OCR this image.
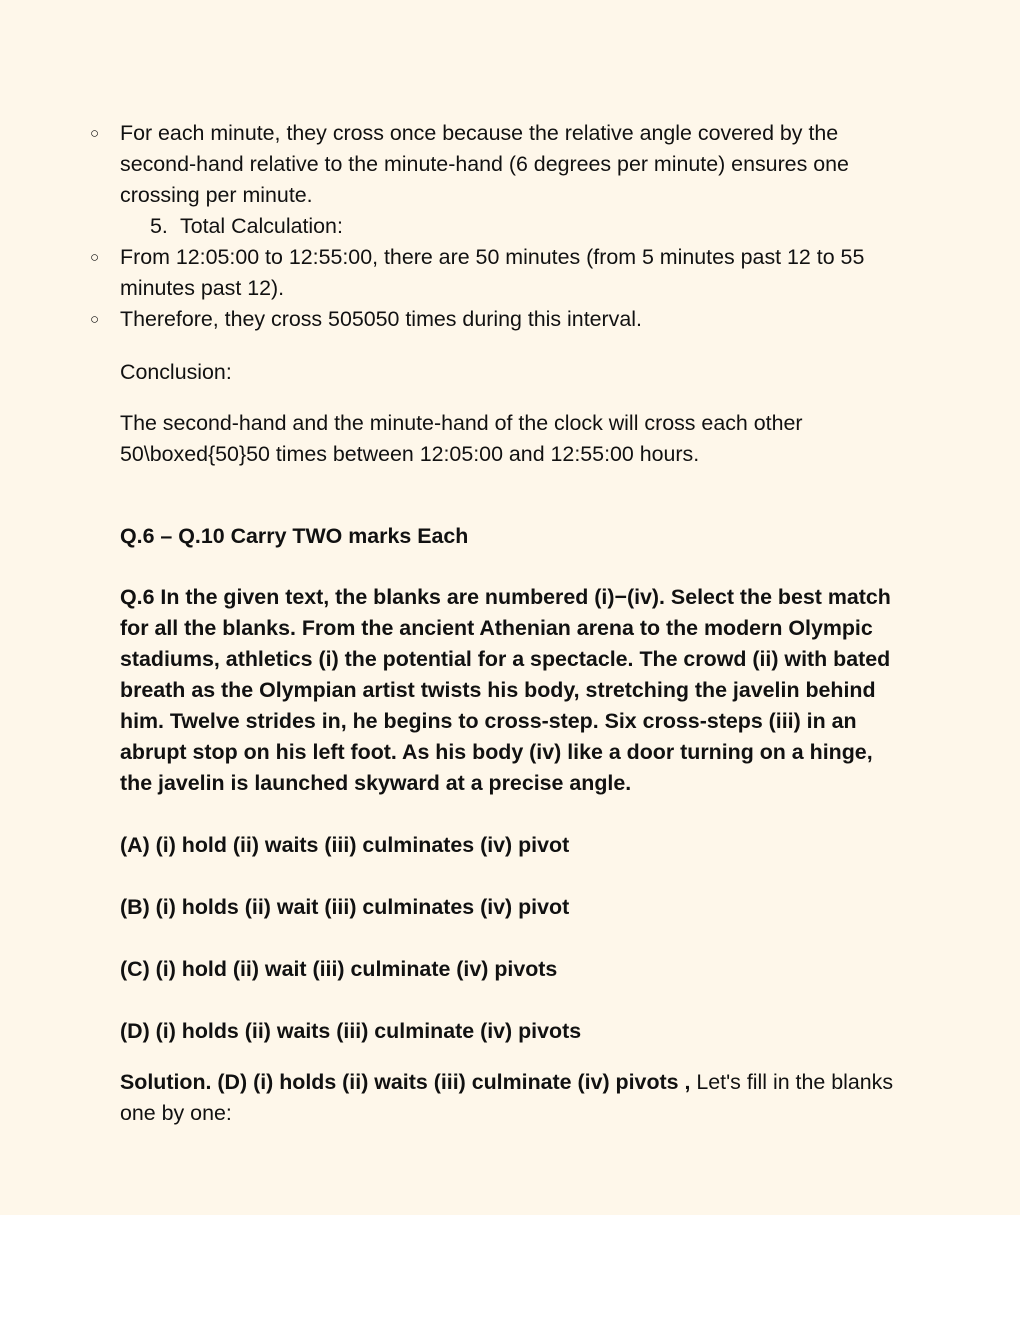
○ For each minute, they cross once because the relative angle covered by the second-hand relative to the minute-hand (6 degrees per minute) ensures one crossing per minute.
5. Total Calculation:
○ From 12:05:00 to 12:55:00, there are 50 minutes (from 5 minutes past 12 to 55 minutes past 12).
○ Therefore, they cross 505050 times during this interval.

Conclusion:

The second-hand and the minute-hand of the clock will cross each other 50\boxed{50}50 times between 12:05:00 and 12:55:00 hours.

Q.6 – Q.10 Carry TWO marks Each

Q.6 In the given text, the blanks are numbered (i)−(iv). Select the best match for all the blanks. From the ancient Athenian arena to the modern Olympic stadiums, athletics (i) the potential for a spectacle. The crowd (ii) with bated breath as the Olympian artist twists his body, stretching the javelin behind him. Twelve strides in, he begins to cross-step. Six cross-steps (iii) in an abrupt stop on his left foot. As his body (iv) like a door turning on a hinge, the javelin is launched skyward at a precise angle.

(A) (i) hold (ii) waits (iii) culminates (iv) pivot

(B) (i) holds (ii) wait (iii) culminates (iv) pivot

(C) (i) hold (ii) wait (iii) culminate (iv) pivots

(D) (i) holds (ii) waits (iii) culminate (iv) pivots

Solution. (D) (i) holds (ii) waits (iii) culminate (iv) pivots , Let's fill in the blanks one by one:
